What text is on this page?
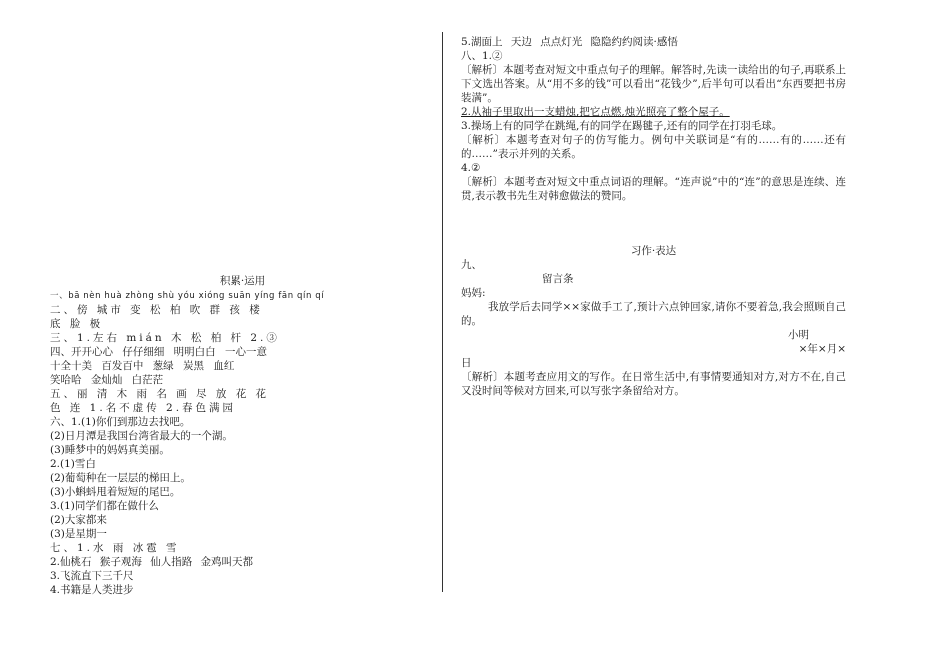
积累·运用
一、bā nèn huà zhòng shù yóu xióng suān yíng fān qín qí
二、傍 城市 变 松 柏 吹 群 孩 楼
底 脸 极
三、1.左右 mián 木 松 柏 杆 2.③
四、开开心心 仔仔细细 明明白白 一心一意
十全十美 百发百中 葱绿 炭黑 血红
笑哈哈 金灿灿 白茫茫
五、丽 清 木 雨 名 画 尽 放 花 花
色 连 1.名不虚传 2.春色满园
六、1.(1)你们到那边去找吧。
(2)日月潭是我国台湾省最大的一个湖。
(3)睡梦中的妈妈真美丽。
2.(1)雪白
(2)葡萄种在一层层的梯田上。
(3)小蝌蚪甩着短短的尾巴。
3.(1)同学们都在做什么
(2)大家都来
(3)是星期一
七、1.水 雨 冰雹 雪
2.仙桃石 猴子观海 仙人指路 金鸡叫天都
3.飞流直下三千尺
4.书籍是人类进步
5.湖面上 天边 点点灯光 隐隐约约阅读·感悟
八、1.②
〔解析〕本题考查对短文中重点句子的理解。解答时,先读一读给出的句子,再联系上下文选出答案。从“用不多的钱”可以看出“花钱少”,后半句可以看出“东西要把书房装满”。
2.从袖子里取出一支蜡烛,把它点燃,烛光照亮了整个屋子。
3.操场上有的同学在跳绳,有的同学在踢毽子,还有的同学在打羽毛球。
〔解析〕本题考查对句子的仿写能力。例句中关联词是“有的……有的……还有的……”表示并列的关系。
4.②
〔解析〕本题考查对短文中重点词语的理解。“连声说”中的“连”的意思是连续、连贯,表示教书先生对韩愈做法的赞同。
习作·表达
九、
留言条
妈妈:
我放学后去同学××家做手工了,预计六点钟回家,请你不要着急,我会照顾自己的。
小明
×年×月×
日
〔解析〕本题考查应用文的写作。在日常生活中,有事情要通知对方,对方不在,自己又没时间等候对方回来,可以写张字条留给对方。
